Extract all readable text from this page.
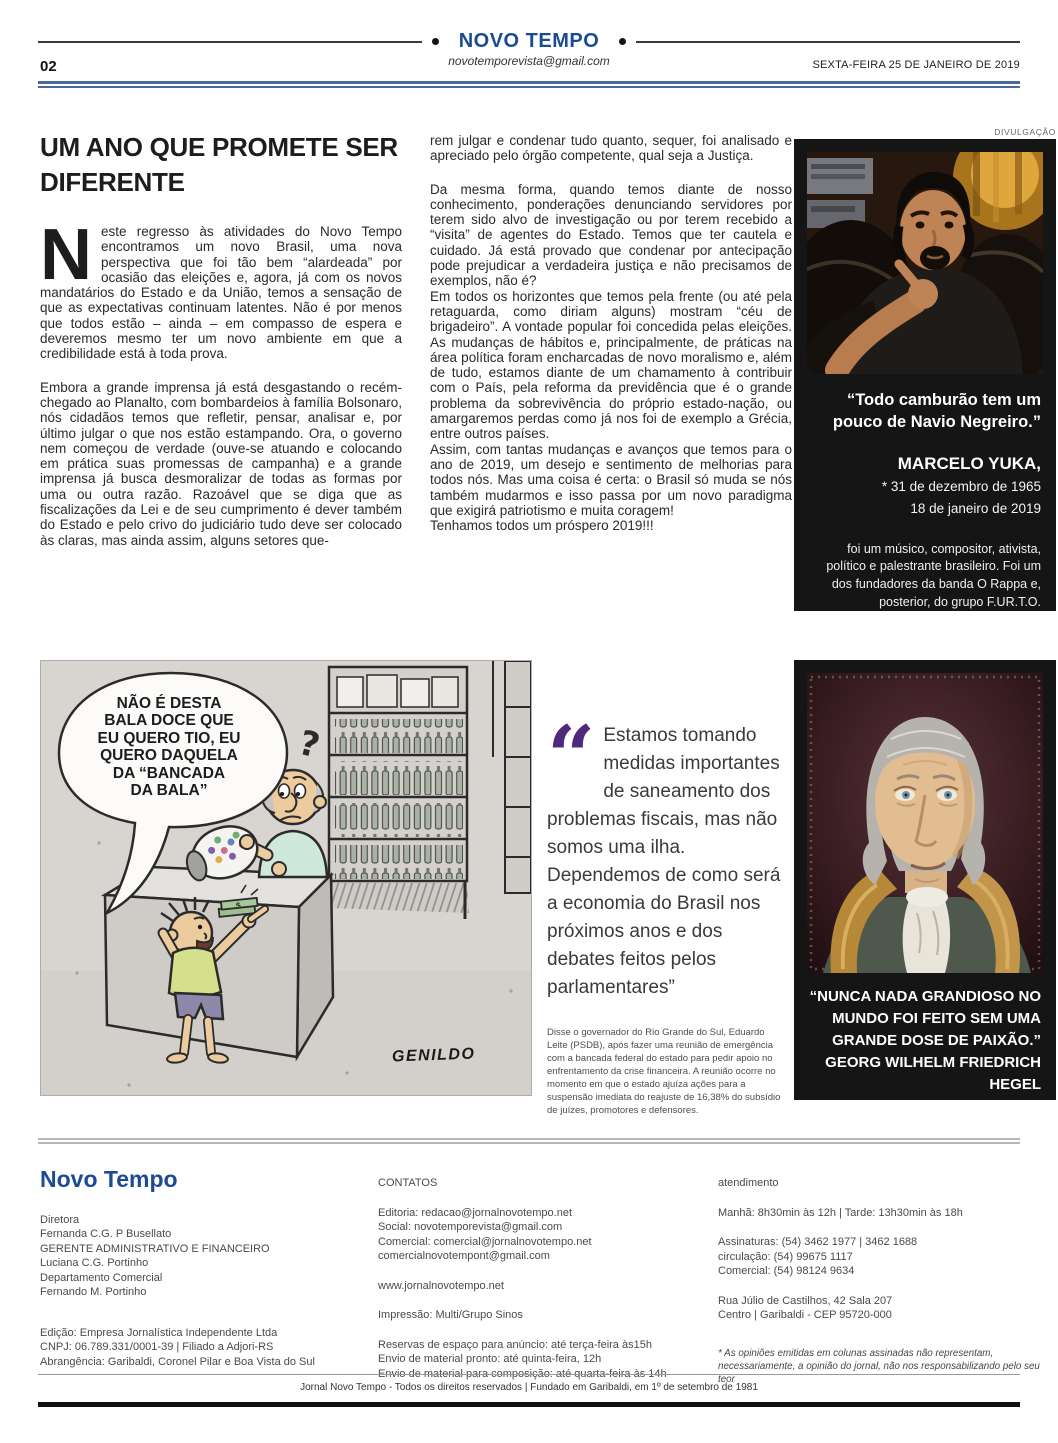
NOVO TEMPO
02	novotemporevista@gmail.com	SEXTA-FEIRA 25 DE JANEIRO DE 2019
UM ANO QUE PROMETE SER DIFERENTE

Neste regresso às atividades do Novo Tempo encontramos um novo Brasil, uma nova perspectiva que foi tão bem “alardeada” por ocasião das eleições e, agora, já com os novos mandatários do Estado e da União, temos a sensação de que as expectativas continuam latentes. Não é por menos que todos estão – ainda – em compasso de espera e deveremos mesmo ter um novo ambiente em que a credibilidade está à toda prova.

Embora a grande imprensa já está desgastando o recém-chegado ao Planalto, com bombardeios à família Bolsonaro, nós cidadãos temos que refletir, pensar, analisar e, por último julgar o que nos estão estampando. Ora, o governo nem começou de verdade (ouve-se atuando e colocando em prática suas promessas de campanha) e a grande imprensa já busca desmoralizar de todas as formas por uma ou outra razão. Razoável que se diga que as fiscalizações da Lei e de seu cumprimento é dever também do Estado e pelo crivo do judiciário tudo deve ser colocado às claras, mas ainda assim, alguns setores que-

rem julgar e condenar tudo quanto, sequer, foi analisado e apreciado pelo órgão competente, qual seja a Justiça.

Da mesma forma, quando temos diante de nosso conhecimento, ponderações denunciando servidores por terem sido alvo de investigação ou por terem recebido a “visita” de agentes do Estado. Temos que ter cautela e cuidado. Já está provado que condenar por antecipação pode prejudicar a verdadeira justiça e não precisamos de exemplos, não é?

Em todos os horizontes que temos pela frente (ou até pela retaguarda, como diriam alguns) mostram “céu de brigadeiro”. A vontade popular foi concedida pelas eleições. As mudanças de hábitos e, principalmente, de práticas na área política foram encharcadas de novo moralismo e, além de tudo, estamos diante de um chamamento à contribuir com o País, pela reforma da previdência que é o grande problema da sobrevivência do próprio estado-nação, ou amargaremos perdas como já nos foi de exemplo a Grécia, entre outros países.

Assim, com tantas mudanças e avanços que temos para o ano de 2019, um desejo e sentimento de melhorias para todos nós. Mas uma coisa é certa: o Brasil só muda se nós também mudarmos e isso passa por um novo paradigma que exigirá patriotismo e muita coragem!

Tenhamos todos um próspero 2019!!!

DIVULGAÇÃO
“Todo camburão tem um pouco de Navio Negreiro.”
MARCELO YUKA,
* 31 de dezembro de 1965
18 de janeiro de 2019
foi um músico, compositor, ativista, político e palestrante brasileiro. Foi um dos fundadores da banda O Rappa e, posterior, do grupo F.UR.T.O.
$
?
NÃO É DESTA
BALA DOCE QUE
EU QUERO TIO, EU
QUERO DAQUELA
DA “BANCADA
DA BALA”
GENILDO
“ Estamos tomando medidas importantes de saneamento dos problemas fiscais, mas não somos uma ilha. Dependemos de como será a economia do Brasil nos próximos anos e dos debates feitos pelos parlamentares”
Disse o governador do Rio Grande do Sul, Eduardo Leite (PSDB), após fazer uma reunião de emergência com a bancada federal do estado para pedir apoio no enfrentamento da crise financeira. A reunião ocorre no momento em que o estado ajuíza ações para a suspensão imediata do reajuste de 16,38% do subsídio de juízes, promotores e defensores.
“NUNCA NADA GRANDIOSO NO MUNDO FOI FEITO SEM UMA GRANDE DOSE DE PAIXÃO.”
GEORG WILHELM FRIEDRICH HEGEL
Novo Tempo
Diretora
Fernanda C.G. P Busellato
GERENTE ADMINISTRATIVO E FINANCEIRO
Luciana C.G. Portinho
Departamento Comercial
Fernando M. Portinho
Edição: Empresa Jornalística Independente Ltda
CNPJ: 06.789.331/0001-39 | Filiado a Adjori-RS
Abrangência: Garibaldi, Coronel Pilar e Boa Vista do Sul
CONTATOS
Editoria: redacao@jornalnovotempo.net
Social: novotemporevista@gmail.com
Comercial: comercial@jornalnovotempo.net
comercialnovotempont@gmail.com
www.jornalnovotempo.net
Impressão: Multi/Grupo Sinos
Reservas de espaço para anúncio: até terça-feira às15h
Envio de material pronto: até quinta-feira, 12h
Envio de material para composição: até quarta-feira às 14h
atendimento
Manhã: 8h30min às 12h | Tarde: 13h30min às 18h
Assinaturas: (54) 3462 1977 | 3462 1688
circulação: (54) 99675 1117
Comercial: (54) 98124 9634
Rua Júlio de Castilhos, 42 Sala 207
Centro | Garibaldi - CEP 95720-000
* As opiniões emitidas em colunas assinadas não representam, necessariamente, a opinião do jornal, não nos responsabilizando pelo seu teor
Jornal Novo Tempo - Todos os direitos reservados | Fundado em Garibaldi, em 1º de setembro de 1981
